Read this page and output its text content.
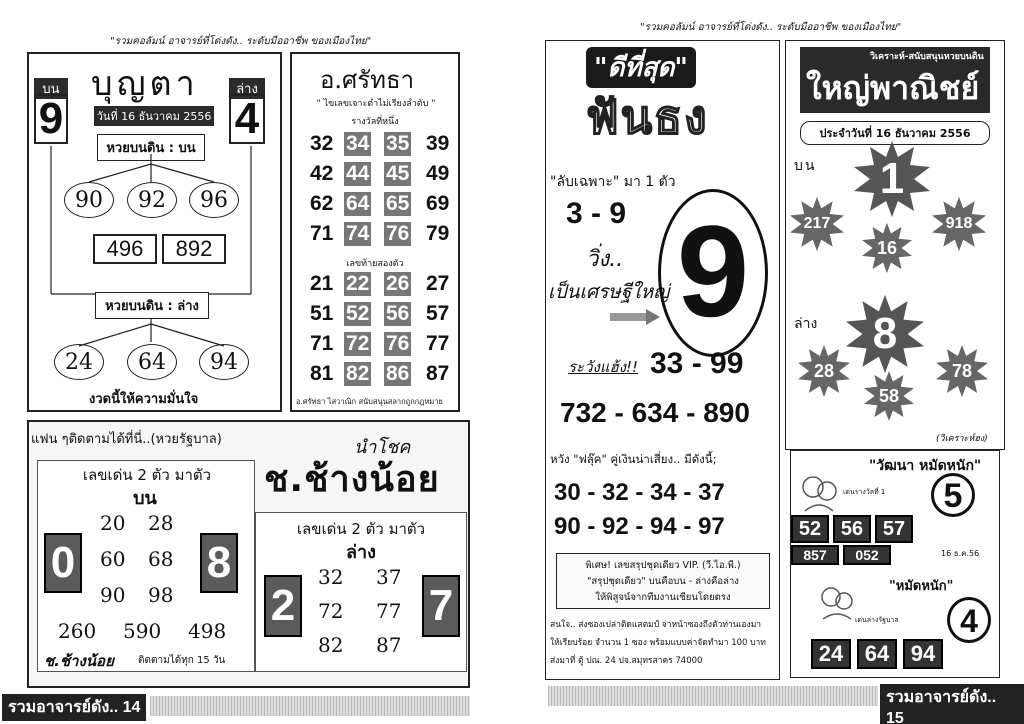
"รวมคอลัมน์ อาจารย์ที่โด่งดัง.. ระดับมืออาชีพ ของเมืองไทย"
บุญตา
บน
9
ล่าง
4
วันที่ 16 ธันวาคม 2556
หวยบนดิน : บน
90	92	96
496	892
หวยบนดิน : ล่าง
24	64	94
งวดนี้ให้ความมั่นใจ
อ.ศรัทธา
" ไขเลขเจาะตำไม่เรียงลำดับ "
รางวัลที่หนึ่ง
32 34 35 39
42 44 45 49
62 64 65 69
71 74 76 79
เลขท้ายสองตัว
21 22 26 27
51 52 56 57
71 72 76 77
81 82 86 87
อ.ศรัทธา ไสวาณิก สนับสนุนสลากถูกกฎหมาย
แฟน ๆติดตามได้ที่นี่..(หวยรัฐบาล)	นำโชค
ช.ช้างน้อย
เลขเด่น 2 ตัว มาตัว
บน
0	8
20 28
60 68
90 98
260 590 498
ช.ช้างน้อย ติดตามได้ทุก 15 วัน
เลขเด่น 2 ตัว มาตัว
ล่าง
2	7
32 37
72 77
82 87
รวมอาจารย์ดัง.. 14
"รวมคอลัมน์ อาจารย์ที่โด่งดัง.. ระดับมืออาชีพ ของเมืองไทย"
"ดีที่สุด"
ฟันธง
"ลับเฉพาะ" มา 1 ตัว
3 - 9 9
วิ่ง..
เป็นเศรษฐีใหญ่
ระวังแฮ้ง!! 33 - 99
732 - 634 - 890
หวัง "ฟลุ๊ค" คู่เงินน่าเสี่ยง.. มีดังนี้;
30 - 32 - 34 - 37
90 - 92 - 94 - 97
พิเศษ! เลขสรุปชุดเดียว VIP. (วี.ไอ.พี.)
"สรุปชุดเดียว" บนคือบน - ล่างคือล่าง
ให้พิสูจน์จากทีมงานเซียนโดยตรง
สนใจ.. ส่งซองเปล่าติดแสตมป์ จ่าหน้าซองถึงตัวท่านเองมา
ให้เรียบร้อย จำนวน 1 ซอง พร้อมแบบค่าจัดทำมา 100 บาท
ส่งมาที่ ตู้ ปณ. 24 ปจ.สมุทรสาคร 74000
วิเคราะห์-สนับสนุนหวยบนดิน
ใหญ่พาณิชย์
ประจำวันที่ 16 ธันวาคม 2556
บน 1
217	918
16
ล่าง 8
28	78
58
(วิเคราะห์ฮง)
"วัฒนา หมัดหนัก"
เด่นรางวัลที่ 1	5
52 56 57
857	052	16 ธ.ค.56
"หมัดหนัก"
เด่นล่างรัฐบาล	4
24 64 94
รวมอาจารย์ดัง.. 15
